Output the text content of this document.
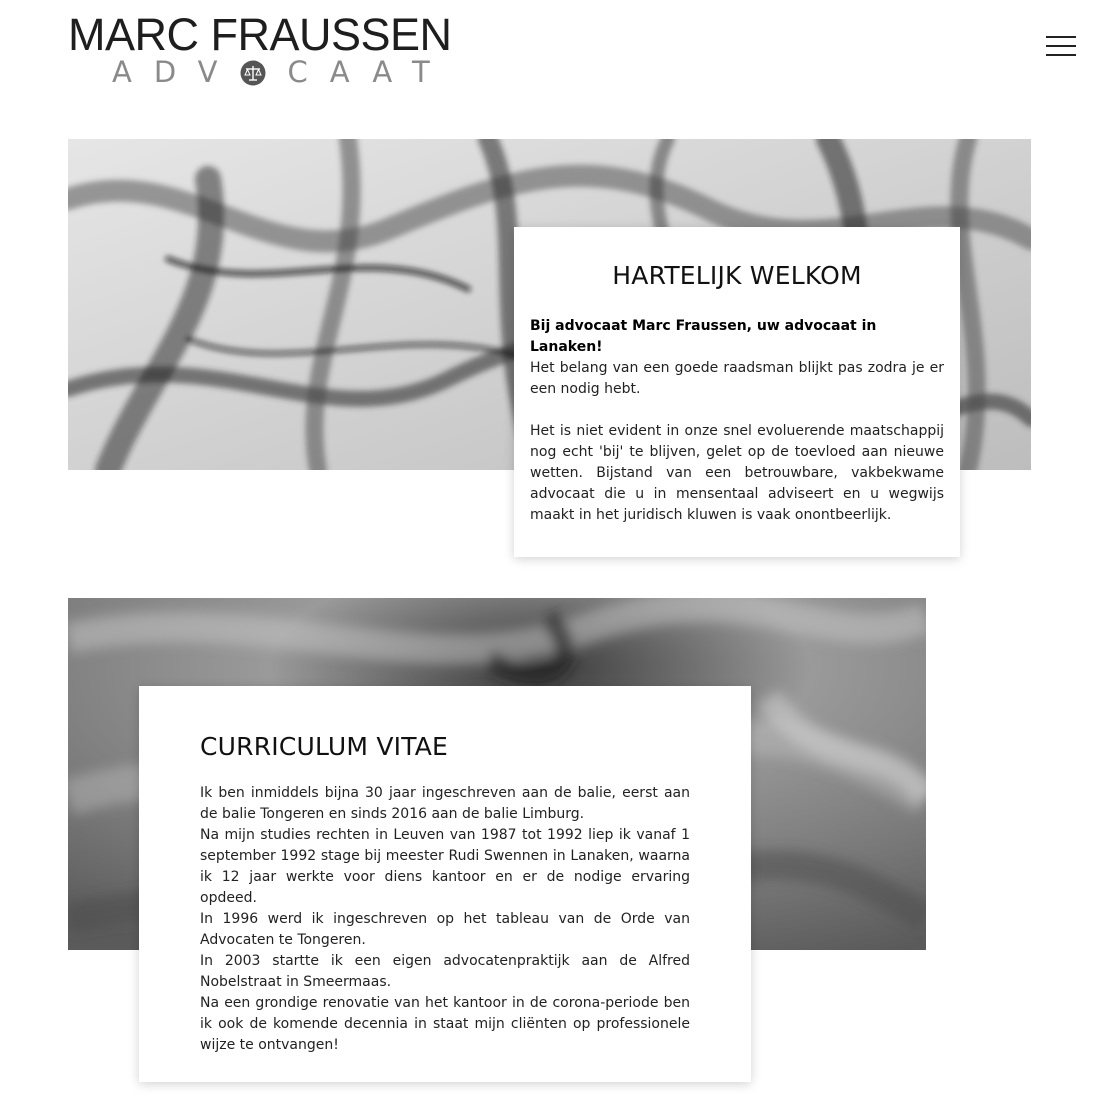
MARC FRAUSSEN
ADV CAAT
HARTELIJK WELKOM

Bij advocaat Marc Fraussen, uw advocaat in Lanaken!

Het belang van een goede raadsman blijkt pas zodra je er een nodig hebt.

Het is niet evident in onze snel evoluerende maatschappij nog echt 'bij' te blijven, gelet op de toevloed aan nieuwe wetten. Bijstand van een betrouwbare, vakbekwame advocaat die u in mensentaal adviseert en u wegwijs maakt in het juridisch kluwen is vaak onontbeerlijk.

CURRICULUM VITAE

Ik ben inmiddels bijna 30 jaar ingeschreven aan de balie, eerst aan de balie Tongeren en sinds 2016 aan de balie Limburg.

Na mijn studies rechten in Leuven van 1987 tot 1992 liep ik vanaf 1 september 1992 stage bij meester Rudi Swennen in Lanaken, waarna ik 12 jaar werkte voor diens kantoor en er de nodige ervaring opdeed.

In 1996 werd ik ingeschreven op het tableau van de Orde van Advocaten te Tongeren.

In 2003 startte ik een eigen advocatenpraktijk aan de Alfred Nobelstraat in Smeermaas.

Na een grondige renovatie van het kantoor in de corona-periode ben ik ook de komende decennia in staat mijn cliënten op professionele wijze te ontvangen!
